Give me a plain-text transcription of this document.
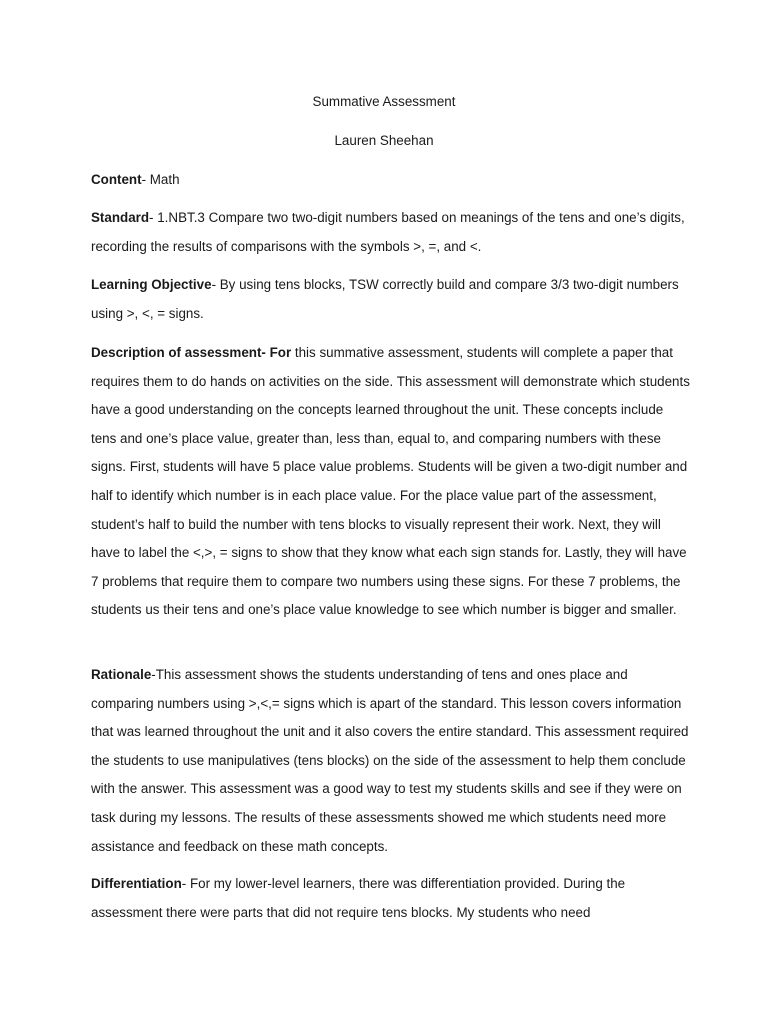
Summative Assessment
Lauren Sheehan

Content- Math

Standard- 1.NBT.3 Compare two two-digit numbers based on meanings of the tens and one’s digits, recording the results of comparisons with the symbols >, =, and <.

Learning Objective- By using tens blocks, TSW correctly build and compare 3/3 two-digit numbers using >, <, = signs.

Description of assessment- For this summative assessment, students will complete a paper that requires them to do hands on activities on the side. This assessment will demonstrate which students have a good understanding on the concepts learned throughout the unit. These concepts include tens and one’s place value, greater than, less than, equal to, and comparing numbers with these signs. First, students will have 5 place value problems. Students will be given a two-digit number and half to identify which number is in each place value. For the place value part of the assessment, student’s half to build the number with tens blocks to visually represent their work. Next, they will have to label the <,>, = signs to show that they know what each sign stands for. Lastly, they will have 7 problems that require them to compare two numbers using these signs. For these 7 problems, the students us their tens and one’s place value knowledge to see which number is bigger and smaller.

Rationale-This assessment shows the students understanding of tens and ones place and comparing numbers using >,<,= signs which is apart of the standard. This lesson covers information that was learned throughout the unit and it also covers the entire standard. This assessment required the students to use manipulatives (tens blocks) on the side of the assessment to help them conclude with the answer. This assessment was a good way to test my students skills and see if they were on task during my lessons. The results of these assessments showed me which students need more assistance and feedback on these math concepts.

Differentiation- For my lower-level learners, there was differentiation provided. During the assessment there were parts that did not require tens blocks. My students who need
